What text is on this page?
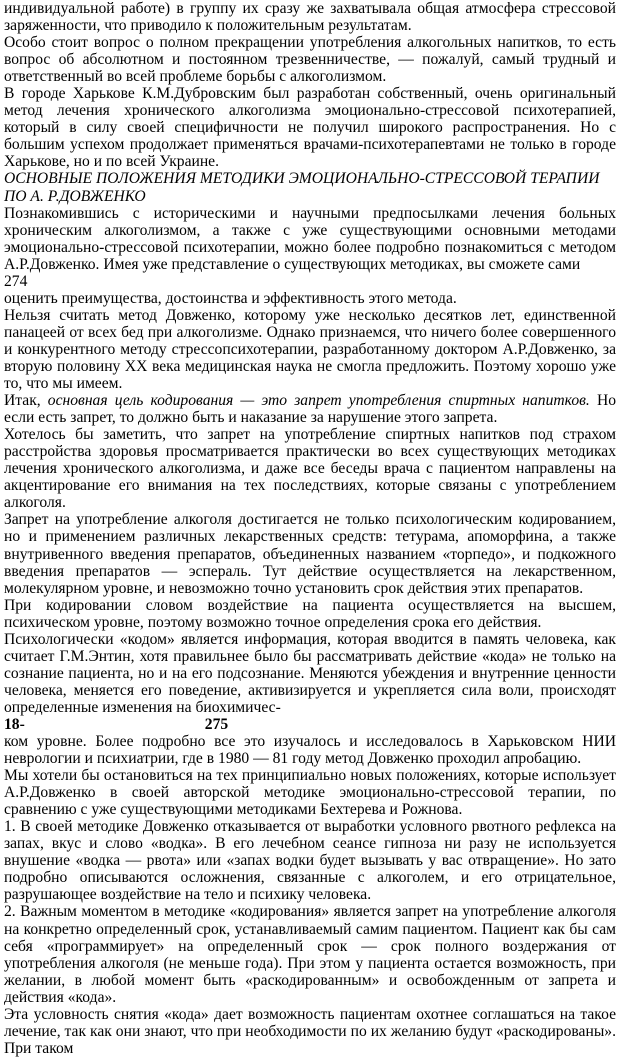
индивидуальной работе) в группу их сразу же захватывала общая атмосфера стрессовой заряженности, что приводило к положительным результатам.

Особо стоит вопрос о полном прекращении употребления алкогольных напитков, то есть вопрос об абсолютном и постоянном трезвенничестве, — пожалуй, самый трудный и ответственный во всей проблеме борьбы с алкоголизмом.

В городе Харькове К.М.Дубровским был разработан собственный, очень оригинальный метод лечения хронического алкоголизма эмоционально-стрессовой психотерапией, который в силу своей специфичности не получил широкого распространения. Но с большим успехом продолжает применяться врачами-психотерапевтами не только в городе Харькове, но и по всей Украине.

ОСНОВНЫЕ ПОЛОЖЕНИЯ МЕТОДИКИ ЭМОЦИОНАЛЬНО-СТРЕССОВОЙ ТЕРАПИИ ПО А. Р.ДОВЖЕНКО

Познакомившись с историческими и научными предпосылками лечения больных хроническим алкоголизмом, а также с уже существующими основными методами эмоционально-стрессовой психотерапии, можно более подробно познакомиться с методом А.Р.Довженко. Имея уже представление о существующих методиках, вы сможете сами

274

оценить преимущества, достоинства и эффективность этого метода.

Нельзя считать метод Довженко, которому уже несколько десятков лет, единственной панацеей от всех бед при алкоголизме. Однако признаемся, что ничего более совершенного и конкурентного методу стрессопсихотерапии, разработанному доктором А.Р.Довженко, за вторую половину XX века медицинская наука не смогла предложить. Поэтому хорошо уже то, что мы имеем.

Итак, основная цель кодирования — это запрет употребления спиртных напитков. Но если есть запрет, то должно быть и наказание за нарушение этого запрета.

Хотелось бы заметить, что запрет на употребление спиртных напитков под страхом расстройства здоровья просматривается практически во всех существующих методиках лечения хронического алкоголизма, и даже все беседы врача с пациентом направлены на акцентирование его внимания на тех последствиях, которые связаны с употреблением алкоголя.

Запрет на употребление алкоголя достигается не только психологическим кодированием, но и применением различных лекарственных средств: тетурама, апоморфина, а также внутривенного введения препаратов, объединенных названием «торпедо», и подкожного введения препаратов — эспераль. Тут действие осуществляется на лекарственном, молекулярном уровне, и невозможно точно установить срок действия этих препаратов.

При кодировании словом воздействие на пациента осуществляется на высшем, психическом уровне, поэтому возможно точное определения срока его действия.

Психологически «кодом» является информация, которая вводится в память человека, как считает Г.М.Энтин, хотя правильнее было бы рассматривать действие «кода» не только на сознание пациента, но и на его подсознание. Меняются убеждения и внутренние ценности человека, меняется его поведение, активизируется и укрепляется сила воли, происходят определенные изменения на биохимичес-

18-	275

ком уровне. Более подробно все это изучалось и исследовалось в Харьковском НИИ неврологии и психиатрии, где в 1980 — 81 году метод Довженко проходил апробацию.

Мы хотели бы остановиться на тех принципиально новых положениях, которые использует А.Р.Довженко в своей авторской методике эмоционально-стрессовой терапии, по сравнению с уже существующими методиками Бехтерева и Рожнова.

1. В своей методике Довженко отказывается от выработки условного рвотного рефлекса на запах, вкус и слово «водка». В его лечебном сеансе гипноза ни разу не используется внушение «водка — рвота» или «запах водки будет вызывать у вас отвращение». Но зато подробно описываются осложнения, связанные с алкоголем, и его отрицательное, разрушающее воздействие на тело и психику человека.

2. Важным моментом в методике «кодирования» является запрет на употребление алкоголя на конкретно определенный срок, устанавливаемый самим пациентом. Пациент как бы сам себя «программирует» на определенный срок — срок полного воздержания от употребления алкоголя (не меньше года). При этом у пациента остается возможность, при желании, в любой момент быть «раскодированным» и освобожденным от запрета и действия «кода».

Эта условность снятия «кода» дает возможность пациентам охотнее соглашаться на такое лечение, так как они знают, что при необходимости по их желанию будут «раскодированы». При таком
